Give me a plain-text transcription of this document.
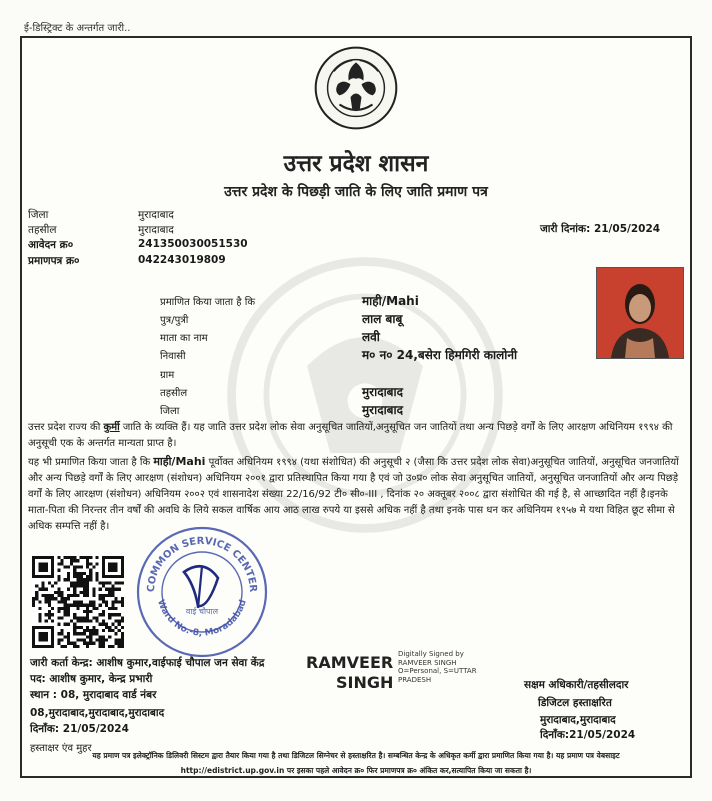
ई-डिस्ट्रिक्ट के अन्तर्गत जारी..
उत्तर प्रदेश शासन
उत्तर प्रदेश के पिछड़ी जाति के लिए जाति प्रमाण पत्र
जिला	मुरादाबाद
तहसील	मुरादाबाद
आवेदन क्र०	241350030051530
प्रमाणपत्र क्र०	042243019809
जारी दिनांक: 21/05/2024
प्रमाणित किया जाता है कि	माही/Mahi
पुत्र/पुत्री	लाल बाबू
माता का नाम	लवी
निवासी	म० न० 24,बसेरा हिमगिरी कालोनी
ग्राम
तहसील	मुरादाबाद
जिला	मुरादाबाद
उत्तर प्रदेश राज्य की कुर्मी जाति के व्यक्ति हैं। यह जाति उत्तर प्रदेश लोक सेवा अनुसूचित जातियों,अनुसूचित जन जातियों तथा अन्य पिछड़े वर्गों के लिए आरक्षण अधिनियम १९९४ की अनुसूची एक के अन्तर्गत मान्यता प्राप्त है।
यह भी प्रमाणित किया जाता है कि माही/Mahi पूर्वोक्त अधिनियम १९९४ (यथा संशोधित) की अनुसूची २ (जैसा कि उत्तर प्रदेश लोक सेवा)अनुसूचित जातियों, अनुसूचित जनजातियों और अन्य पिछड़े वर्गों के लिए आरक्षण (संशोधन) अधिनियम २००१ द्वारा प्रतिस्थापित किया गया है एवं जो उ०प्र० लोक सेवा अनुसूचित जातियों, अनुसूचित जनजातियों और अन्य पिछड़े वर्गों के लिए आरक्षण (संशोधन) अधिनियम २००२ एवं शासनादेश संख्या 22/16/92 टी० सी०-III , दिनांक २० अक्तूबर २००८ द्वारा संशोधित की गई है, से आच्छादित नहीं है।इनके माता-पिता की निरन्तर तीन वर्षों की अवधि के लिये सकल वार्षिक आय आठ लाख रुपये या इससे अधिक नहीं है तथा इनके पास धन कर अधिनियम १९५७ मे यथा विहित छूट सीमा से अधिक सम्पत्ति नहीं है।
COMMON SERVICE CENTER
Ward No.-8, Moradabad
वाई चौपाल
जारी कर्ता केन्द्र: आशीष कुमार,वाईफाई चौपाल जन सेवा केंद्र
पद: आशीष कुमार, केन्द्र प्रभारी
स्थान : 08, मुरादाबाद वार्ड नंबर
08,मुरादाबाद,मुरादाबाद,मुरादाबाद
दिनाँक: 21/05/2024
हस्ताक्षर एंव मुहर
RAMVEER
SINGH
Digitally Signed by
RAMVEER SINGH
O=Personal, S=UTTAR
PRADESH	सक्षम अधिकारी/तहसीलदार
डिजिटल हस्ताक्षरित
मुरादाबाद,मुरादाबाद
दिनाँक:21/05/2024
यह प्रमाण पत्र इलेक्ट्रॉनिक डिलिवरी सिस्टम द्वारा तैयार किया गया है तथा डिजिटल सिग्नेचर से हस्ताक्षरित है। सम्बन्धित केन्द्र के अधिकृत कर्मी द्वारा प्रमाणित किया गया है। यह प्रमाण पत्र वेबसाइट
http://edistrict.up.gov.in पर इसका पहले आवेदन क्र० फिर प्रमाणपत्र क्र० अंकित कर,सत्यापित किया जा सकता है।
